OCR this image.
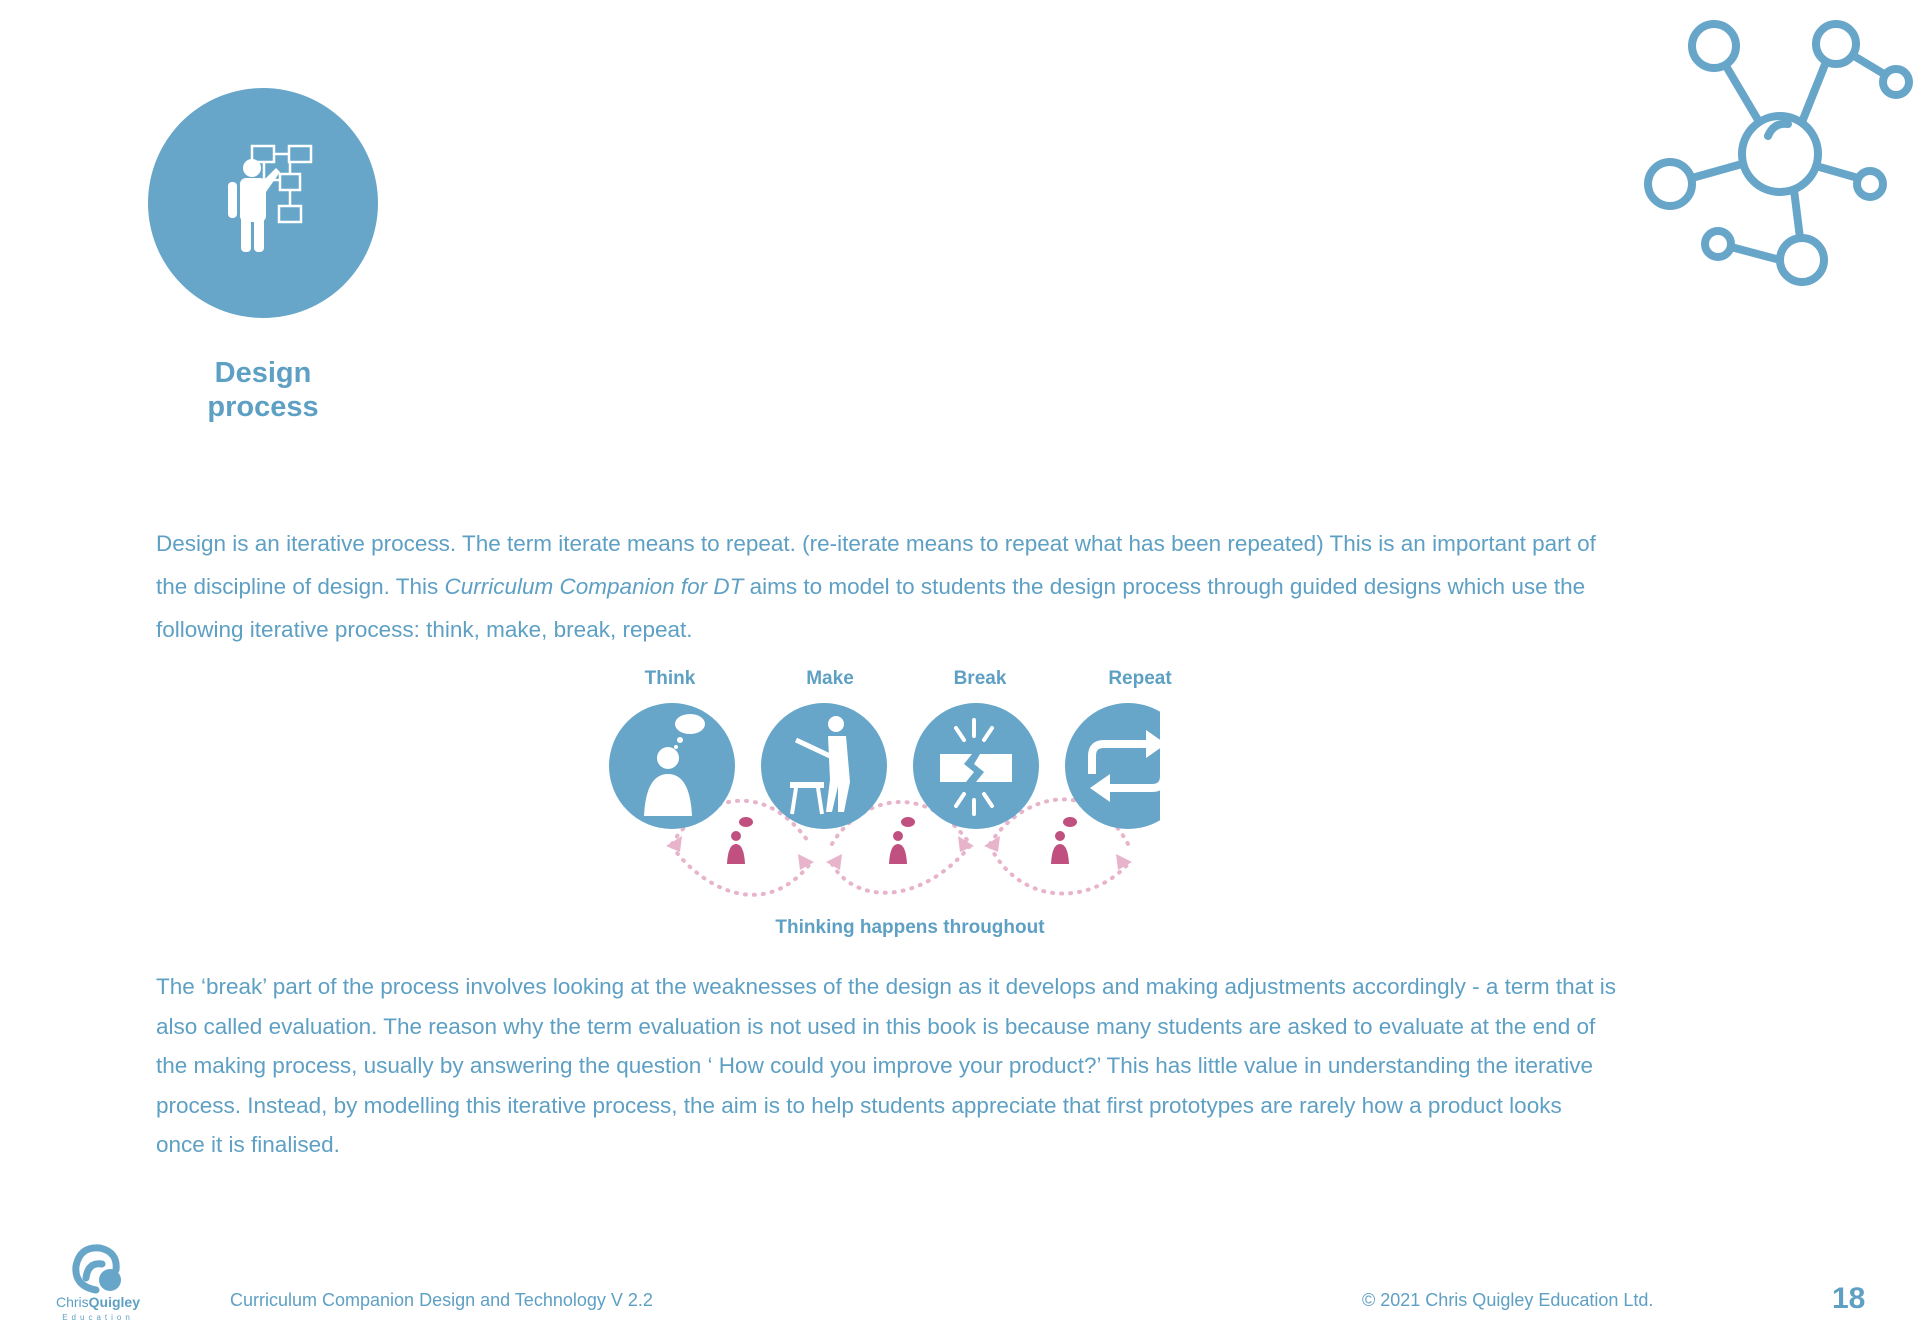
Design
process
Design is an iterative process. The term iterate means to repeat. (re-iterate means to repeat what has been repeated) This is an important part of
the discipline of design. This Curriculum Companion for DT aims to model to students the design process through guided designs which use the
following iterative process: think, make, break, repeat.
Think	Make	Break	Repeat
Thinking happens throughout
The ‘break’ part of the process involves looking at the weaknesses of the design as it develops and making adjustments accordingly - a term that is
also called evaluation. The reason why the term evaluation is not used in this book is because many students are asked to evaluate at the end of
the making process, usually by answering the question ‘ How could you improve your product?’ This has little value in understanding the iterative
process. Instead, by modelling this iterative process, the aim is to help students appreciate that first prototypes are rarely how a product looks
once it is finalised.
ChrisQuigley
Education
Curriculum Companion Design and Technology V 2.2	© 2021 Chris Quigley Education Ltd.	18
